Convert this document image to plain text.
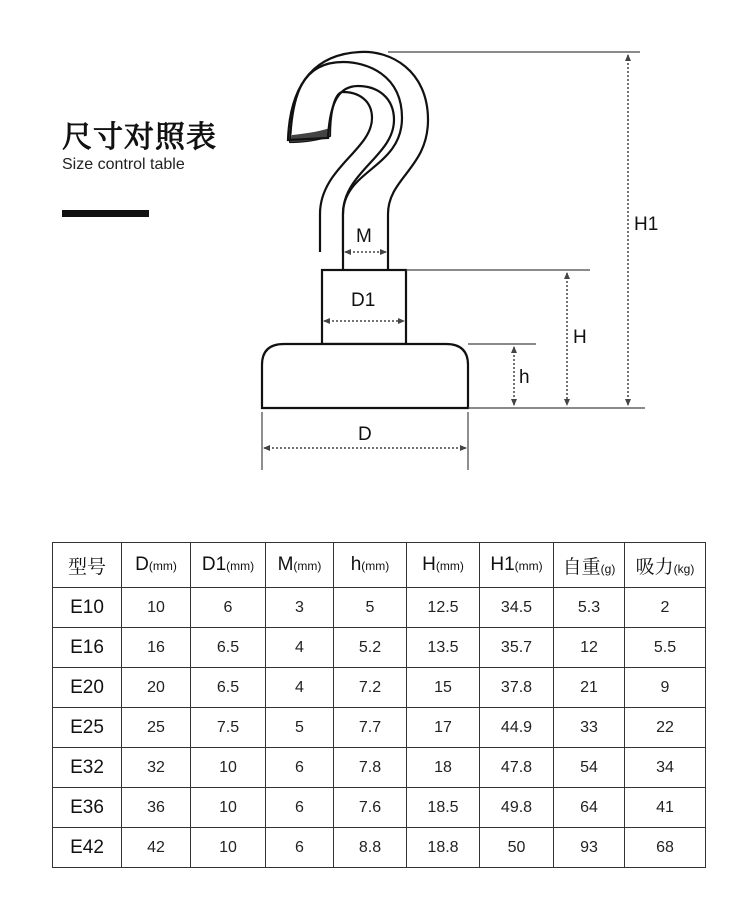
尺寸对照表
Size control table
M
D1
D
h
H
H1
型号	D(mm)	D1(mm)	M(mm)	h(mm)	H(mm)	H1(mm)	自重(g)	吸力(kg)
E10	10	6	3	5	12.5	34.5	5.3	2
E16	16	6.5	4	5.2	13.5	35.7	12	5.5
E20	20	6.5	4	7.2	15	37.8	21	9
E25	25	7.5	5	7.7	17	44.9	33	22
E32	32	10	6	7.8	18	47.8	54	34
E36	36	10	6	7.6	18.5	49.8	64	41
E42	42	10	6	8.8	18.8	50	93	68
